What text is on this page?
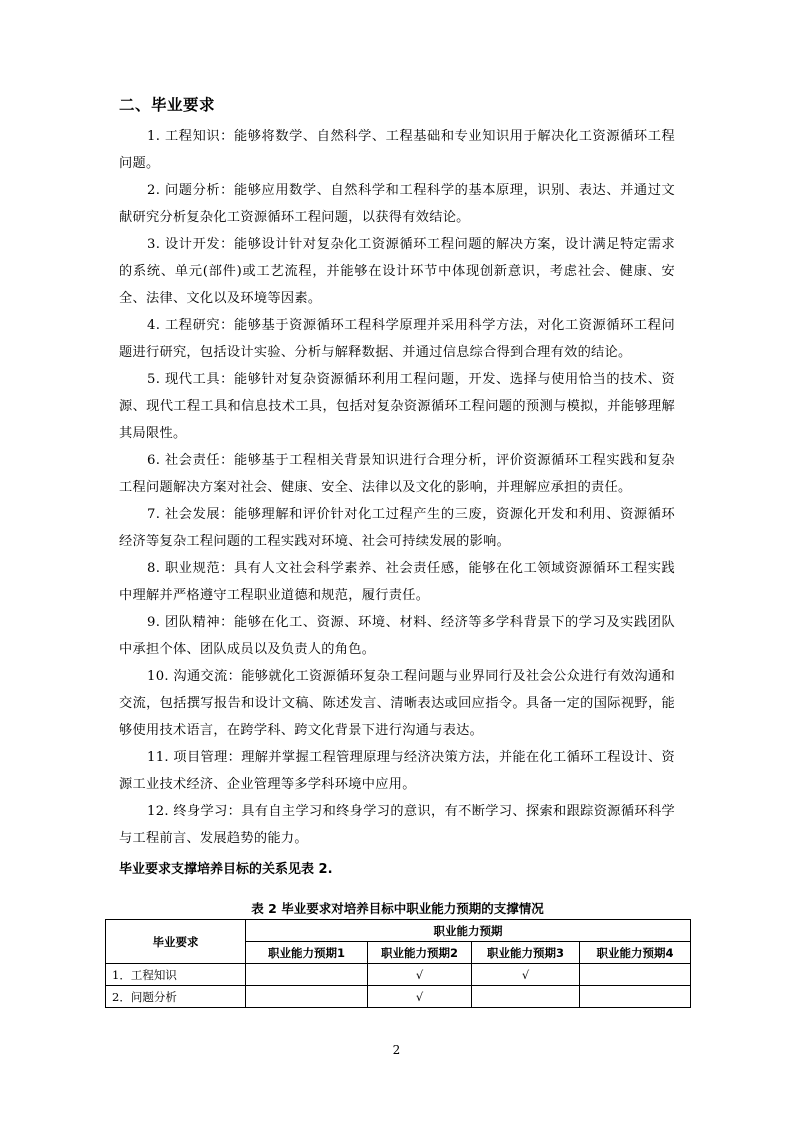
二、毕业要求

1. 工程知识：能够将数学、自然科学、工程基础和专业知识用于解决化工资源循环工程问题。

2. 问题分析：能够应用数学、自然科学和工程科学的基本原理，识别、表达、并通过文献研究分析复杂化工资源循环工程问题，以获得有效结论。

3. 设计开发：能够设计针对复杂化工资源循环工程问题的解决方案，设计满足特定需求的系统、单元(部件)或工艺流程，并能够在设计环节中体现创新意识，考虑社会、健康、安全、法律、文化以及环境等因素。

4. 工程研究：能够基于资源循环工程科学原理并采用科学方法，对化工资源循环工程问题进行研究，包括设计实验、分析与解释数据、并通过信息综合得到合理有效的结论。

5. 现代工具：能够针对复杂资源循环利用工程问题，开发、选择与使用恰当的技术、资源、现代工程工具和信息技术工具，包括对复杂资源循环工程问题的预测与模拟，并能够理解其局限性。

6. 社会责任：能够基于工程相关背景知识进行合理分析，评价资源循环工程实践和复杂工程问题解决方案对社会、健康、安全、法律以及文化的影响，并理解应承担的责任。

7. 社会发展：能够理解和评价针对化工过程产生的三废，资源化开发和利用、资源循环经济等复杂工程问题的工程实践对环境、社会可持续发展的影响。

8. 职业规范：具有人文社会科学素养、社会责任感，能够在化工领域资源循环工程实践中理解并严格遵守工程职业道德和规范，履行责任。

9. 团队精神：能够在化工、资源、环境、材料、经济等多学科背景下的学习及实践团队中承担个体、团队成员以及负责人的角色。

10. 沟通交流：能够就化工资源循环复杂工程问题与业界同行及社会公众进行有效沟通和交流，包括撰写报告和设计文稿、陈述发言、清晰表达或回应指令。具备一定的国际视野，能够使用技术语言，在跨学科、跨文化背景下进行沟通与表达。

11. 项目管理：理解并掌握工程管理原理与经济决策方法，并能在化工循环工程设计、资源工业技术经济、企业管理等多学科环境中应用。

12. 终身学习：具有自主学习和终身学习的意识，有不断学习、探索和跟踪资源循环科学与工程前言、发展趋势的能力。

毕业要求支撑培养目标的关系见表 2.
表 2 毕业要求对培养目标中职业能力预期的支撑情况
毕业要求	职业能力预期			
	职业能力预期1	职业能力预期2	职业能力预期3	职业能力预期4
1．工程知识		√	√	
2．问题分析		√		
2
